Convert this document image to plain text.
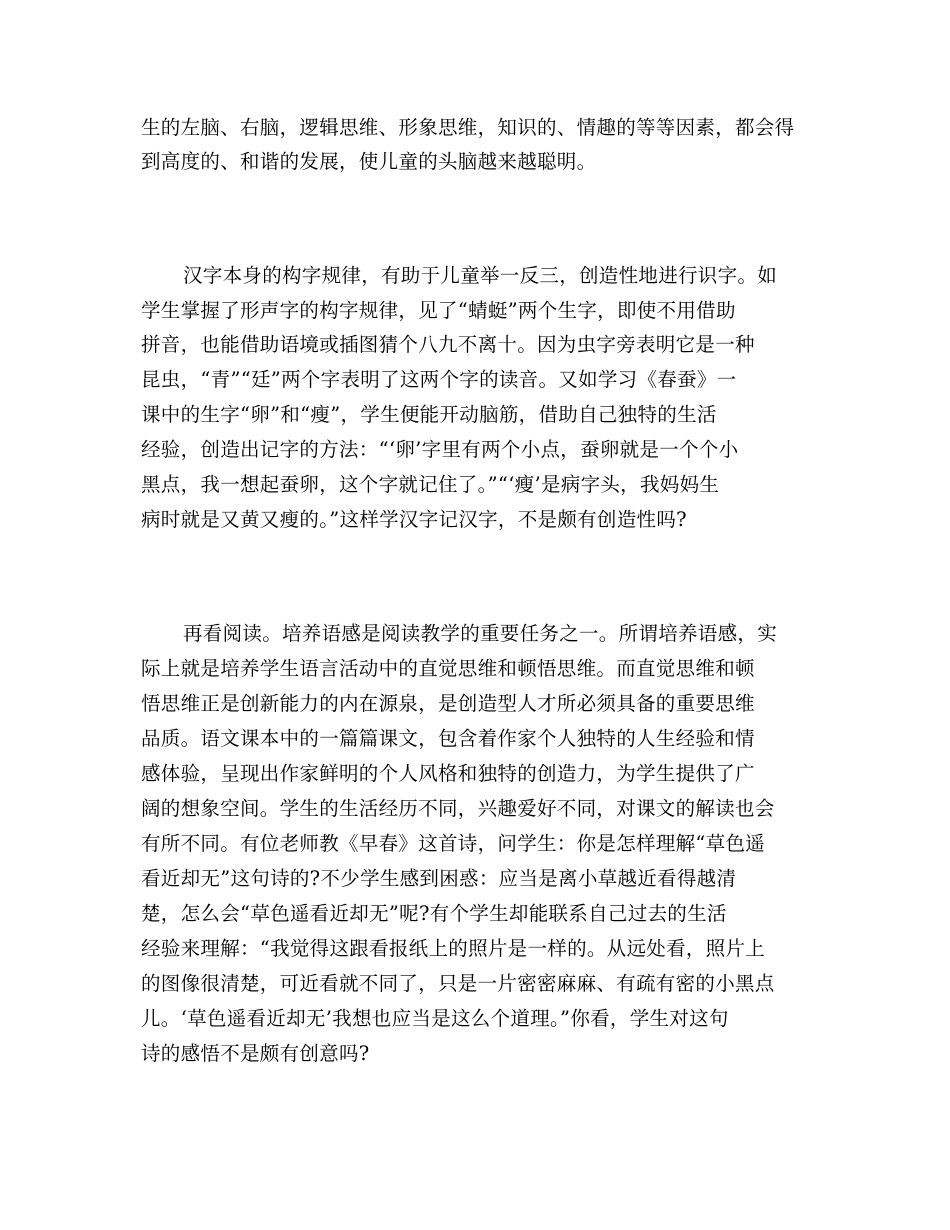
生的左脑、右脑，逻辑思维、形象思维，知识的、情趣的等等因素，都会得

到高度的、和谐的发展，使儿童的头脑越来越聪明。

汉字本身的构字规律，有助于儿童举一反三，创造性地进行识字。如

学生掌握了形声字的构字规律，见了“蜻蜓”两个生字，即使不用借助

拼音，也能借助语境或插图猜个八九不离十。因为虫字旁表明它是一种

昆虫，“青”“廷”两个字表明了这两个字的读音。又如学习《春蚕》一

课中的生字“卵”和“瘦”，学生便能开动脑筋，借助自己独特的生活

经验，创造出记字的方法：“‘卵’字里有两个小点，蚕卵就是一个个小

黑点，我一想起蚕卵，这个字就记住了。”“‘瘦’是病字头，我妈妈生

病时就是又黄又瘦的。”这样学汉字记汉字，不是颇有创造性吗?

再看阅读。培养语感是阅读教学的重要任务之一。所谓培养语感，实

际上就是培养学生语言活动中的直觉思维和顿悟思维。而直觉思维和顿

悟思维正是创新能力的内在源泉，是创造型人才所必须具备的重要思维

品质。语文课本中的一篇篇课文，包含着作家个人独特的人生经验和情

感体验，呈现出作家鲜明的个人风格和独特的创造力，为学生提供了广

阔的想象空间。学生的生活经历不同，兴趣爱好不同，对课文的解读也会

有所不同。有位老师教《早春》这首诗，问学生：你是怎样理解“草色遥

看近却无”这句诗的?不少学生感到困惑：应当是离小草越近看得越清

楚，怎么会“草色遥看近却无”呢?有个学生却能联系自己过去的生活

经验来理解：“我觉得这跟看报纸上的照片是一样的。从远处看，照片上

的图像很清楚，可近看就不同了，只是一片密密麻麻、有疏有密的小黑点

儿。‘草色遥看近却无’我想也应当是这么个道理。”你看，学生对这句

诗的感悟不是颇有创意吗?
